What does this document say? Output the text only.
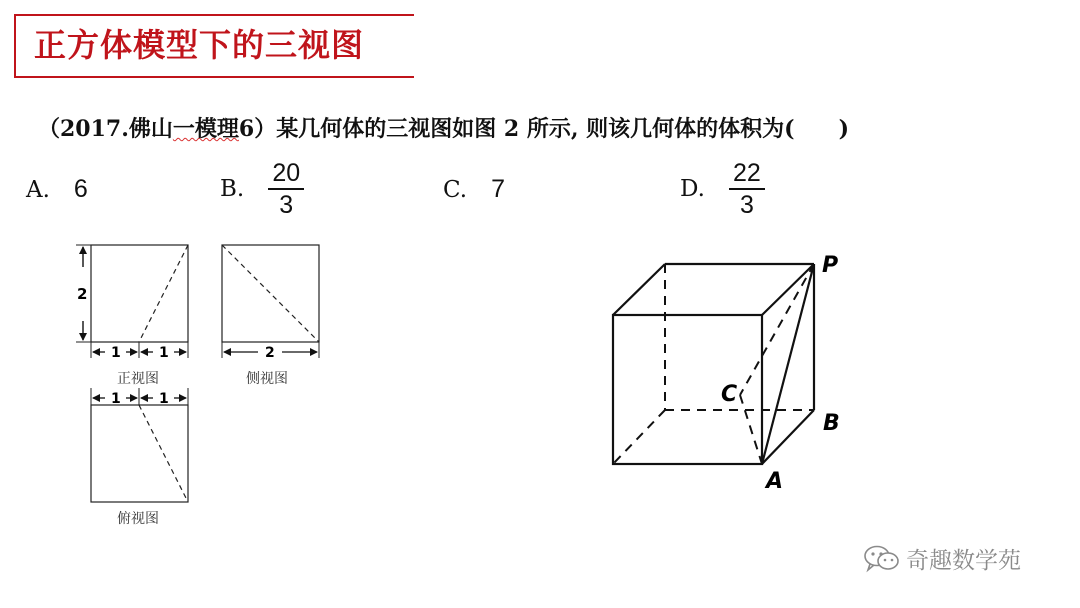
正方体模型下的三视图
（2017.佛山一模理6）某几何体的三视图如图 2 所示, 则该几何体的体积为(　　)
A. 6	B. $\frac{20}{3}$	C. 7	D. $\frac{22}{3}$
2
1	1
正视图
2
侧视图
1	1
俯视图
P
C
B
A
奇趣数学苑
